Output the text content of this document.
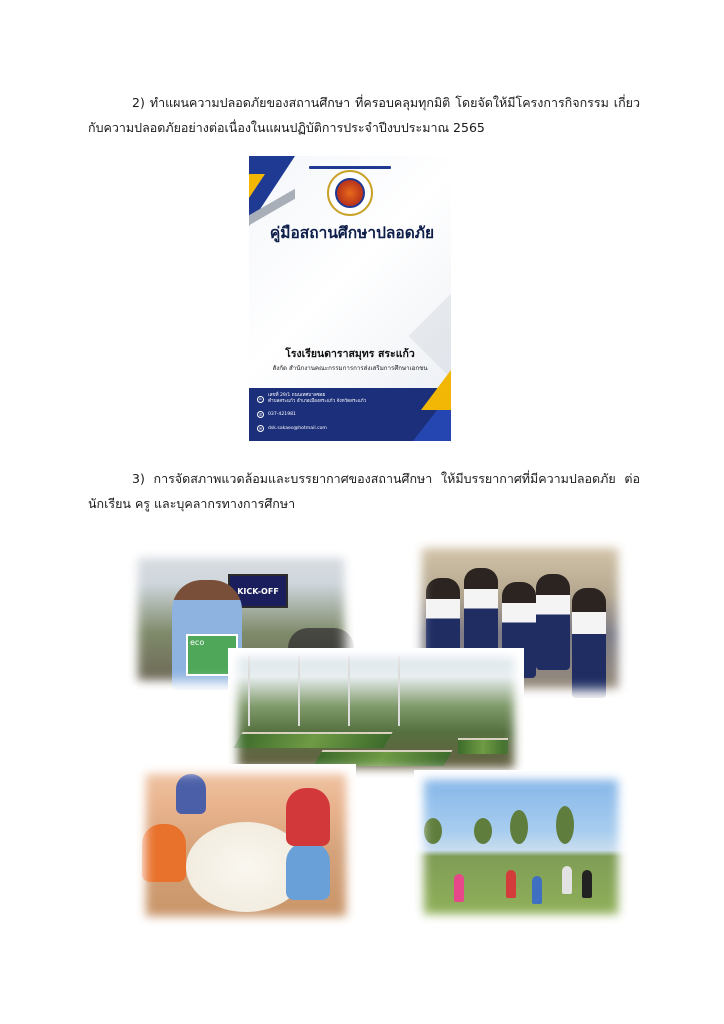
2) ทำแผนความปลอดภัยของสถานศึกษา ที่ครอบคลุมทุกมิติ โดยจัดให้มีโครงการกิจกรรม เกี่ยวกับความปลอดภัยอย่างต่อเนื่องในแผนปฏิบัติการประจำปีงบประมาณ 2565
คู่มือสถานศึกษาปลอดภัย
โรงเรียนดาราสมุทร สระแก้ว
สังกัด สำนักงานคณะกรรมการการส่งเสริมการศึกษาเอกชน
⌂
เลขที่ 29/1 ถนนเทศบาลซอย
ตำบลสระแก้ว อำเภอเมืองสระแก้ว จังหวัดสระแก้ว
✆	037-421981
✉	dsk.sakaeo@hotmail.com
3) การจัดสภาพแวดล้อมและบรรยากาศของสถานศึกษา ให้มีบรรยากาศที่มีความปลอดภัย ต่อนักเรียน ครู และบุคลากรทางการศึกษา
KICK-OFF
eco
